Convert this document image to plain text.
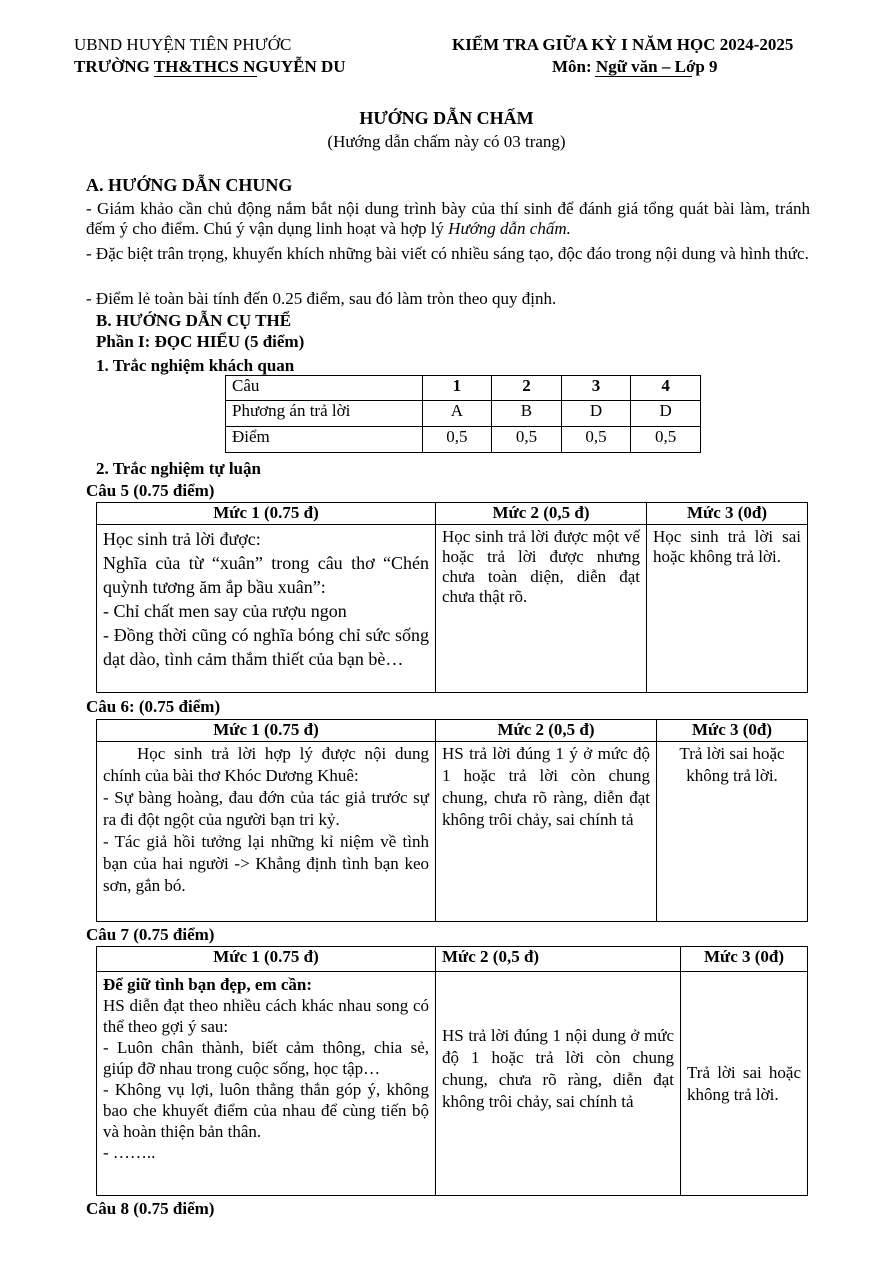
UBND HUYỆN TIÊN PHƯỚC
TRƯỜNG TH&THCS NGUYỄN DU
KIỂM TRA GIỮA KỲ I NĂM HỌC 2024-2025
Môn: Ngữ văn – Lớp 9
HƯỚNG DẪN CHẤM
(Hướng dẫn chấm này có 03 trang)
A. HƯỚNG DẪN CHUNG
- Giám khảo cần chủ động nắm bắt nội dung trình bày của thí sinh để đánh giá tổng quát bài làm, tránh đếm ý cho điểm. Chú ý vận dụng linh hoạt và hợp lý Hướng dẫn chấm.
- Đặc biệt trân trọng, khuyến khích những bài viết có nhiều sáng tạo, độc đáo trong nội dung và hình thức.
- Điểm lẻ toàn bài tính đến 0.25 điểm, sau đó làm tròn theo quy định.
B. HƯỚNG DẪN CỤ THỂ
Phần I: ĐỌC HIỂU (5 điểm)
1. Trắc nghiệm khách quan
Câu	1	2	3	4
Phương án trả lời	A	B	D	D
Điểm	0,5	0,5	0,5	0,5
2. Trắc nghiệm tự luận
Câu 5 (0.75 điểm)
Mức 1 (0.75 đ)	Mức 2 (0,5 đ)	Mức 3 (0đ)

Học sinh trả lời được:

Nghĩa của từ “xuân” trong câu thơ “Chén quỳnh tương ăm ắp bầu xuân”:

- Chỉ chất men say của rượu ngon

- Đồng thời cũng có nghĩa bóng chỉ sức sống dạt dào, tình cảm thắm thiết của bạn bè…	Học sinh trả lời được một vế hoặc trả lời được nhưng chưa toàn diện, diễn đạt chưa thật rõ.	Học sinh trả lời sai hoặc không trả lời.
Câu 6: (0.75 điểm)
Mức 1 (0.75 đ)	Mức 2 (0,5 đ)	Mức 3 (0đ)

Học sinh trả lời hợp lý được nội dung chính của bài thơ Khóc Dương Khuê:

- Sự bàng hoàng, đau đớn của tác giả trước sự ra đi đột ngột của người bạn tri kỷ.

- Tác giả hồi tưởng lại những kỉ niệm về tình bạn của hai người -> Khẳng định tình bạn keo sơn, gắn bó.	HS trả lời đúng 1 ý ở mức độ 1 hoặc trả lời còn chung chung, chưa rõ ràng, diễn đạt không trôi chảy, sai chính tả	Trả lời sai hoặc không trả lời.
Câu 7 (0.75 điểm)
Mức 1 (0.75 đ)	Mức 2 (0,5 đ)	Mức 3 (0đ)

Để giữ tình bạn đẹp, em cần:

HS diễn đạt theo nhiều cách khác nhau song có thể theo gợi ý sau:

- Luôn chân thành, biết cảm thông, chia sẻ, giúp đỡ nhau trong cuộc sống, học tập…

- Không vụ lợi, luôn thẳng thắn góp ý, không bao che khuyết điểm của nhau để cùng tiến bộ và hoàn thiện bản thân.

- ……..	HS trả lời đúng 1 nội dung ở mức độ 1 hoặc trả lời còn chung chung, chưa rõ ràng, diễn đạt không trôi chảy, sai chính tả	Trả lời sai hoặc không trả lời.
Câu 8 (0.75 điểm)
